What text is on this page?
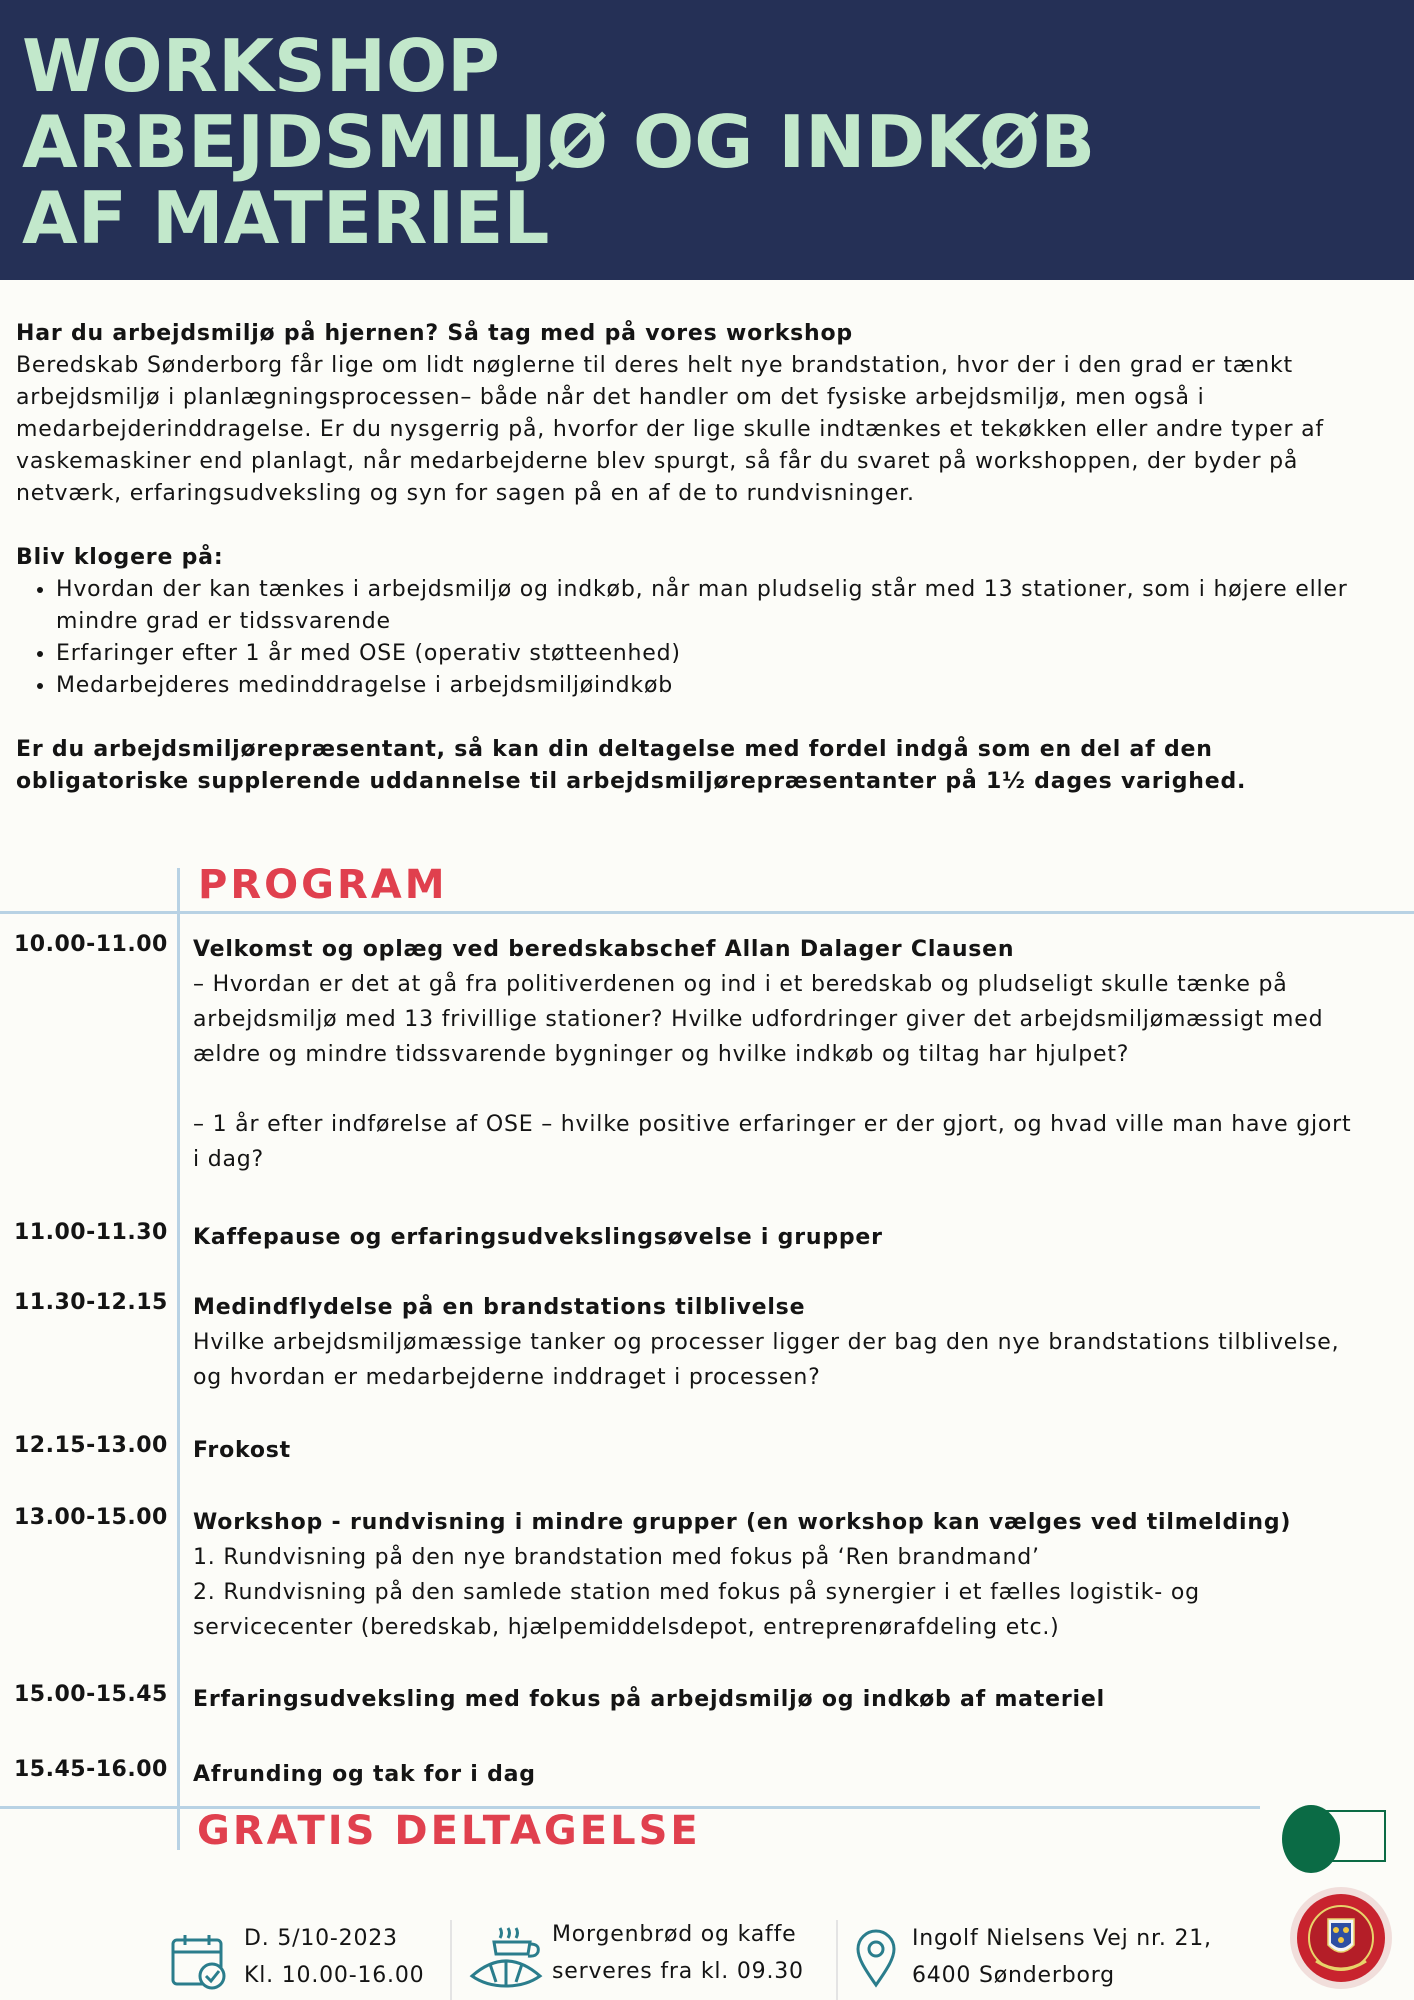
WORKSHOP
ARBEJDSMILJØ OG INDKØB
AF MATERIEL

Har du arbejdsmiljø på hjernen? Så tag med på vores workshop

Beredskab Sønderborg får lige om lidt nøglerne til deres helt nye brandstation, hvor der i den grad er tænkt
arbejdsmiljø i planlægningsprocessen– både når det handler om det fysiske arbejdsmiljø, men også i
medarbejderinddragelse. Er du nysgerrig på, hvorfor der lige skulle indtænkes et tekøkken eller andre typer af
vaskemaskiner end planlagt, når medarbejderne blev spurgt, så får du svaret på workshoppen, der byder på
netværk, erfaringsudveksling og syn for sagen på en af de to rundvisninger.

Bliv klogere på:

• Hvordan der kan tænkes i arbejdsmiljø og indkøb, når man pludselig står med 13 stationer, som i højere eller mindre grad er tidssvarende
• Erfaringer efter 1 år med OSE (operativ støtteenhed)
• Medarbejderes medinddragelse i arbejdsmiljøindkøb

Er du arbejdsmiljørepræsentant, så kan din deltagelse med fordel indgå som en del af den
obligatoriske supplerende uddannelse til arbejdsmiljørepræsentanter på 1½ dages varighed.

PROGRAM
10.00-11.00 Velkomst og oplæg ved beredskabschef Allan Dalager Clausen
– Hvordan er det at gå fra politiverdenen og ind i et beredskab og pludseligt skulle tænke på
arbejdsmiljø med 13 frivillige stationer? Hvilke udfordringer giver det arbejdsmiljømæssigt med
ældre og mindre tidssvarende bygninger og hvilke indkøb og tiltag har hjulpet?

– 1 år efter indførelse af OSE – hvilke positive erfaringer er der gjort, og hvad ville man have gjort
i dag?
11.00-11.30 Kaffepause og erfaringsudvekslingsøvelse i grupper
11.30-12.15 Medindflydelse på en brandstations tilblivelse
Hvilke arbejdsmiljømæssige tanker og processer ligger der bag den nye brandstations tilblivelse,
og hvordan er medarbejderne inddraget i processen?
12.15-13.00 Frokost
13.00-15.00 Workshop - rundvisning i mindre grupper (en workshop kan vælges ved tilmelding)
1. Rundvisning på den nye brandstation med fokus på ‘Ren brandmand’
2. Rundvisning på den samlede station med fokus på synergier i et fælles logistik- og
servicecenter (beredskab, hjælpemiddelsdepot, entreprenørafdeling etc.)
15.00-15.45 Erfaringsudveksling med fokus på arbejdsmiljø og indkøb af materiel
15.45-16.00 Afrunding og tak for i dag
GRATIS DELTAGELSE
D. 5/10-2023
Kl. 10.00-16.00
Morgenbrød og kaffe
serveres fra kl. 09.30
Ingolf Nielsens Vej nr. 21,
6400 Sønderborg
